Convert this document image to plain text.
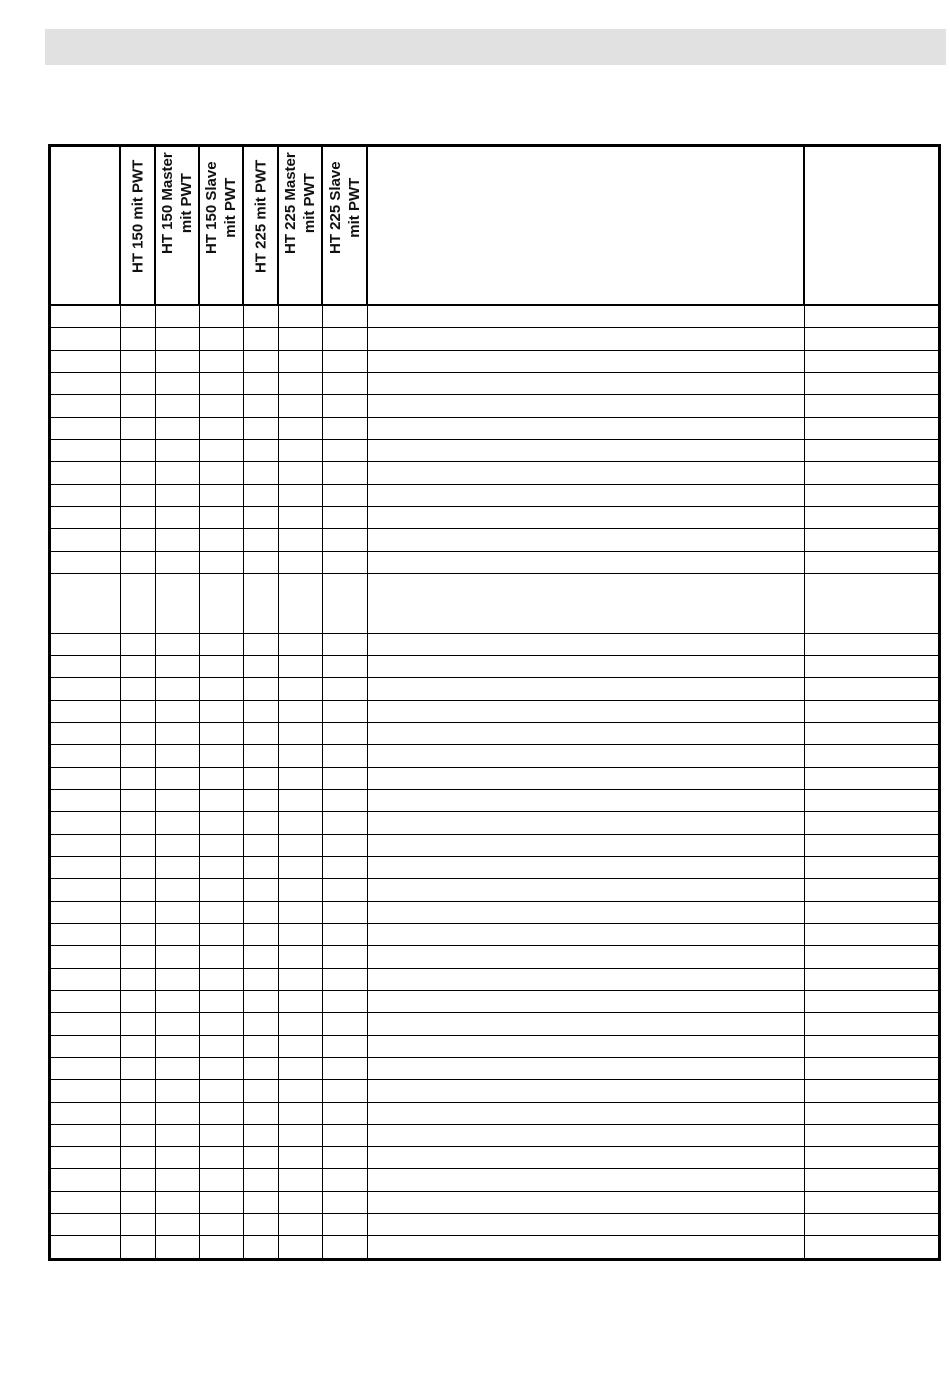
HT 150 mit PWT HT 150 Master
mit PWT
HT 150 Slave
mit PWT HT 225 mit PWT HT 225 Master
mit PWT
HT 225 Slave
mit PWT
